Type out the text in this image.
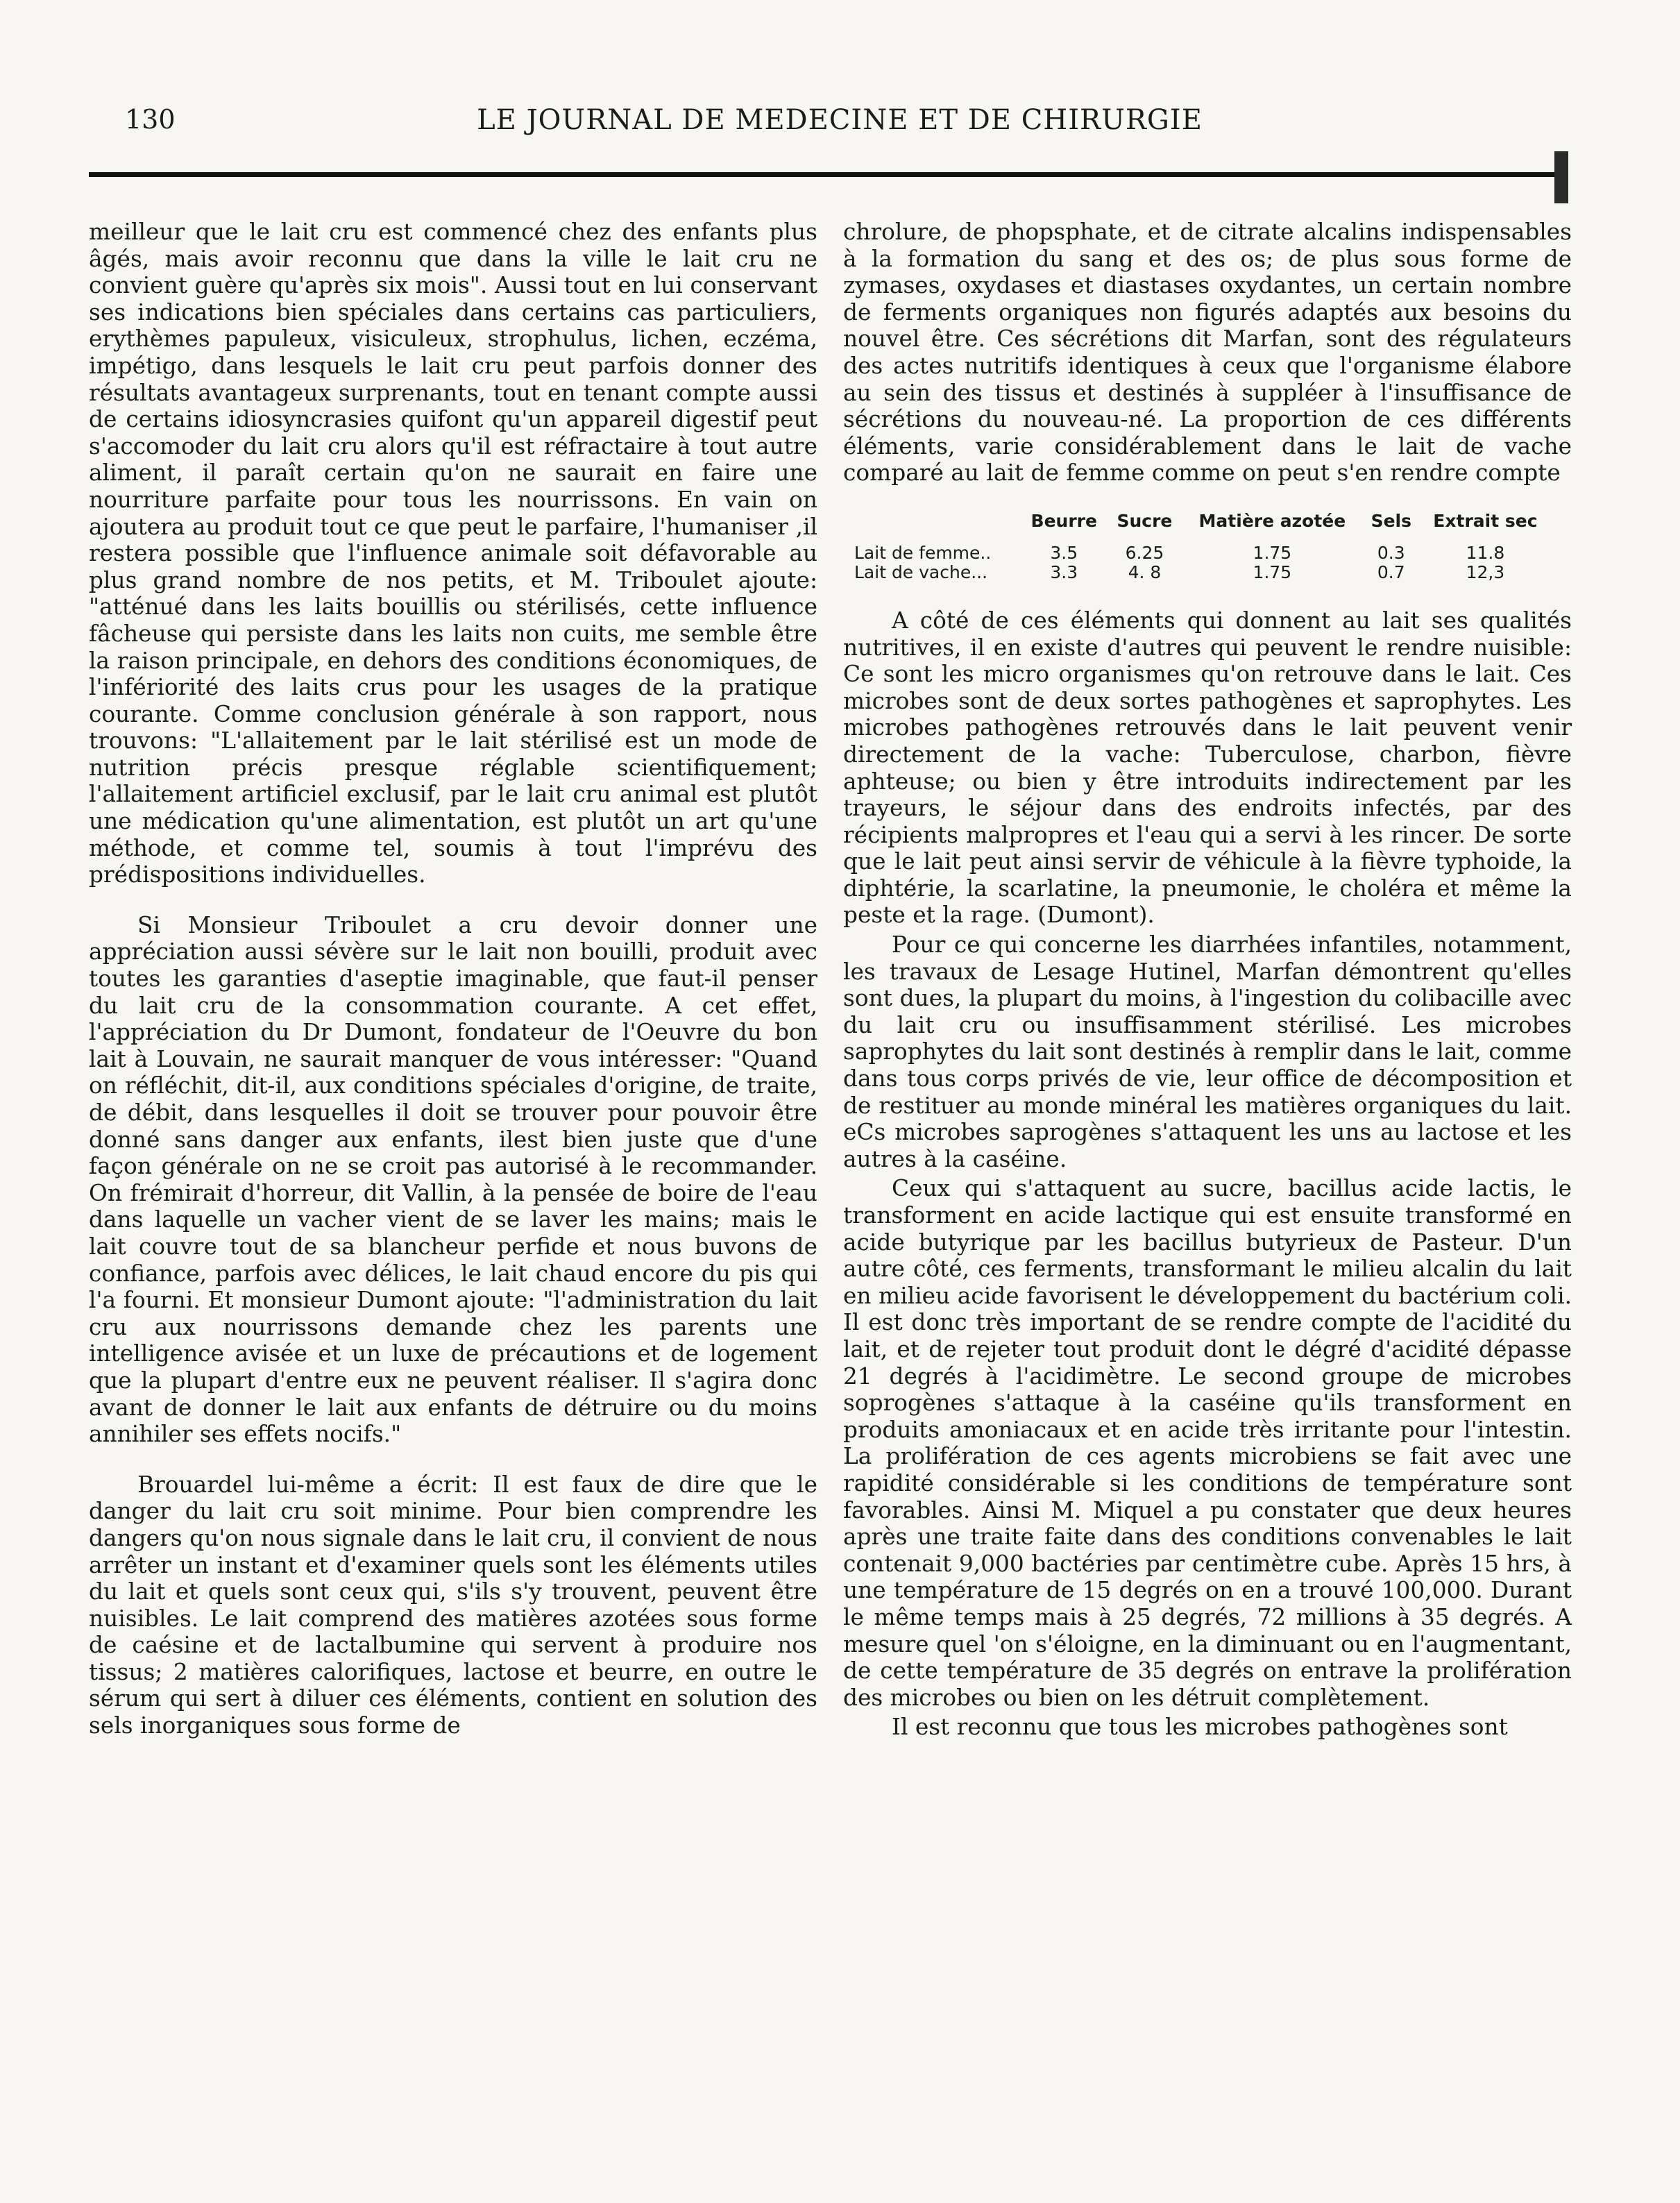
130	LE JOURNAL DE MEDECINE ET DE CHIRURGIE

meilleur que le lait cru est commencé chez des enfants plus âgés, mais avoir reconnu que dans la ville le lait cru ne convient guère qu'après six mois". Aussi tout en lui conservant ses indications bien spéciales dans certains cas particuliers, erythèmes papuleux, visiculeux, strophulus, lichen, eczéma, impétigo, dans lesquels le lait cru peut parfois donner des résultats avantageux surprenants, tout en tenant compte aussi de certains idiosyncrasies quifont qu'un appareil digestif peut s'accomoder du lait cru alors qu'il est réfractaire à tout autre aliment, il paraît certain qu'on ne saurait en faire une nourriture parfaite pour tous les nourrissons. En vain on ajoutera au produit tout ce que peut le parfaire, l'humaniser ,il restera possible que l'influence animale soit défavorable au plus grand nombre de nos petits, et M. Triboulet ajoute: "atténué dans les laits bouillis ou stérilisés, cette influence fâcheuse qui persiste dans les laits non cuits, me semble être la raison principale, en dehors des conditions économiques, de l'infériorité des laits crus pour les usages de la pratique courante. Comme conclusion générale à son rapport, nous trouvons: "L'allaitement par le lait stérilisé est un mode de nutrition précis presque réglable scientifiquement; l'allaitement artificiel exclusif, par le lait cru animal est plutôt une médication qu'une alimentation, est plutôt un art qu'une méthode, et comme tel, soumis à tout l'imprévu des prédispositions individuelles.

Si Monsieur Triboulet a cru devoir donner une appréciation aussi sévère sur le lait non bouilli, produit avec toutes les garanties d'aseptie imaginable, que faut-il penser du lait cru de la consommation courante. A cet effet, l'appréciation du Dr Dumont, fondateur de l'Oeuvre du bon lait à Louvain, ne saurait manquer de vous intéresser: "Quand on réfléchit, dit-il, aux conditions spéciales d'origine, de traite, de débit, dans lesquelles il doit se trouver pour pouvoir être donné sans danger aux enfants, ilest bien juste que d'une façon générale on ne se croit pas autorisé à le recommander. On frémirait d'horreur, dit Vallin, à la pensée de boire de l'eau dans laquelle un vacher vient de se laver les mains; mais le lait couvre tout de sa blancheur perfide et nous buvons de confiance, parfois avec délices, le lait chaud encore du pis qui l'a fourni. Et monsieur Dumont ajoute: "l'administration du lait cru aux nourrissons demande chez les parents une intelligence avisée et un luxe de précautions et de logement que la plupart d'entre eux ne peuvent réaliser. Il s'agira donc avant de donner le lait aux enfants de détruire ou du moins annihiler ses effets nocifs."

Brouardel lui-même a écrit: Il est faux de dire que le danger du lait cru soit minime. Pour bien comprendre les dangers qu'on nous signale dans le lait cru, il convient de nous arrêter un instant et d'examiner quels sont les éléments utiles du lait et quels sont ceux qui, s'ils s'y trouvent, peuvent être nuisibles. Le lait comprend des matières azotées sous forme de caésine et de lactalbumine qui servent à produire nos tissus; 2 matières calorifiques, lactose et beurre, en outre le sérum qui sert à diluer ces éléments, contient en solution des sels inorganiques sous forme de

chrolure, de phopsphate, et de citrate alcalins indispensables à la formation du sang et des os; de plus sous forme de zymases, oxydases et diastases oxydantes, un certain nombre de ferments organiques non figurés adaptés aux besoins du nouvel être. Ces sécrétions dit Marfan, sont des régulateurs des actes nutritifs identiques à ceux que l'organisme élabore au sein des tissus et destinés à suppléer à l'insuffisance de sécrétions du nouveau-né. La proportion de ces différents éléments, varie considérablement dans le lait de vache comparé au lait de femme comme on peut s'en rendre compte

	Beurre	Sucre	Matière azotée	Sels	Extrait sec
Lait de femme..	3.5	6.25	1.75	0.3	11.8
Lait de vache...	3.3	4. 8	1.75	0.7	12,3

A côté de ces éléments qui donnent au lait ses qualités nutritives, il en existe d'autres qui peuvent le rendre nuisible: Ce sont les micro organismes qu'on retrouve dans le lait. Ces microbes sont de deux sortes pathogènes et saprophytes. Les microbes pathogènes retrouvés dans le lait peuvent venir directement de la vache: Tuberculose, charbon, fièvre aphteuse; ou bien y être introduits indirectement par les trayeurs, le séjour dans des endroits infectés, par des récipients malpropres et l'eau qui a servi à les rincer. De sorte que le lait peut ainsi servir de véhicule à la fièvre typhoide, la diphtérie, la scarlatine, la pneumonie, le choléra et même la peste et la rage. (Dumont).

Pour ce qui concerne les diarrhées infantiles, notamment, les travaux de Lesage Hutinel, Marfan démontrent qu'elles sont dues, la plupart du moins, à l'ingestion du colibacille avec du lait cru ou insuffisamment stérilisé. Les microbes saprophytes du lait sont destinés à remplir dans le lait, comme dans tous corps privés de vie, leur office de décomposition et de restituer au monde minéral les matières organiques du lait. eCs microbes saprogènes s'attaquent les uns au lactose et les autres à la caséine.

Ceux qui s'attaquent au sucre, bacillus acide lactis, le transforment en acide lactique qui est ensuite transformé en acide butyrique par les bacillus butyrieux de Pasteur. D'un autre côté, ces ferments, transformant le milieu alcalin du lait en milieu acide favorisent le développement du bactérium coli. Il est donc très important de se rendre compte de l'acidité du lait, et de rejeter tout produit dont le dégré d'acidité dépasse 21 degrés à l'acidimètre. Le second groupe de microbes soprogènes s'attaque à la caséine qu'ils transforment en produits amoniacaux et en acide très irritante pour l'intestin. La prolifération de ces agents microbiens se fait avec une rapidité considérable si les conditions de température sont favorables. Ainsi M. Miquel a pu constater que deux heures après une traite faite dans des conditions convenables le lait contenait 9,000 bactéries par centimètre cube. Après 15 hrs, à une température de 15 degrés on en a trouvé 100,000. Durant le même temps mais à 25 degrés, 72 millions à 35 degrés. A mesure quel 'on s'éloigne, en la diminuant ou en l'augmentant, de cette température de 35 degrés on entrave la prolifération des microbes ou bien on les détruit complètement.

Il est reconnu que tous les microbes pathogènes sont
